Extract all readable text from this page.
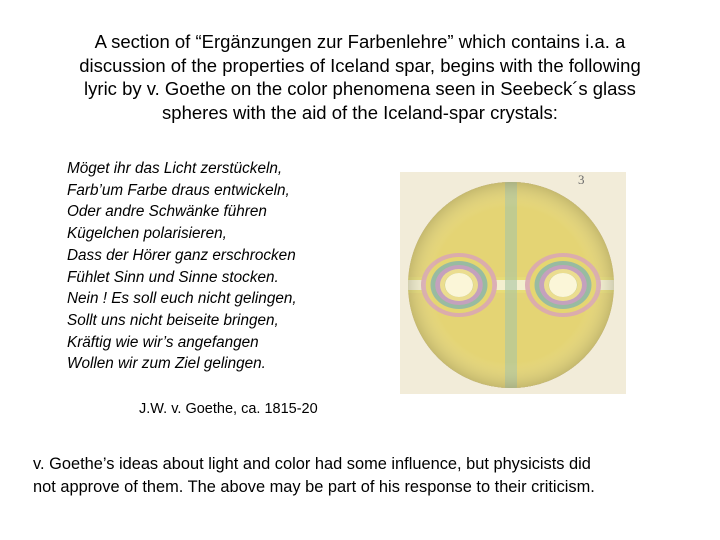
A section of “Ergänzungen zur Farbenlehre” which contains i.a. a
discussion of the properties of Iceland spar, begins with the following
lyric by v. Goethe on the color phenomena seen in Seebeck´s glass
spheres with the aid of the Iceland-spar crystals:
Möget ihr das Licht zerstückeln,
Farb’um Farbe draus entwickeln,
Oder andre Schwänke führen
Kügelchen polarisieren,
Dass der Hörer ganz erschrocken
Fühlet Sinn und Sinne stocken.
Nein ! Es soll euch nicht gelingen,
Sollt uns nicht beiseite bringen,
Kräftig wie wir’s angefangen
Wollen wir zum Ziel gelingen.
J.W. v. Goethe, ca. 1815-20
3
v. Goethe’s ideas about light and color had some influence, but physicists did
not approve of them. The above may be part of his response to their criticism.
